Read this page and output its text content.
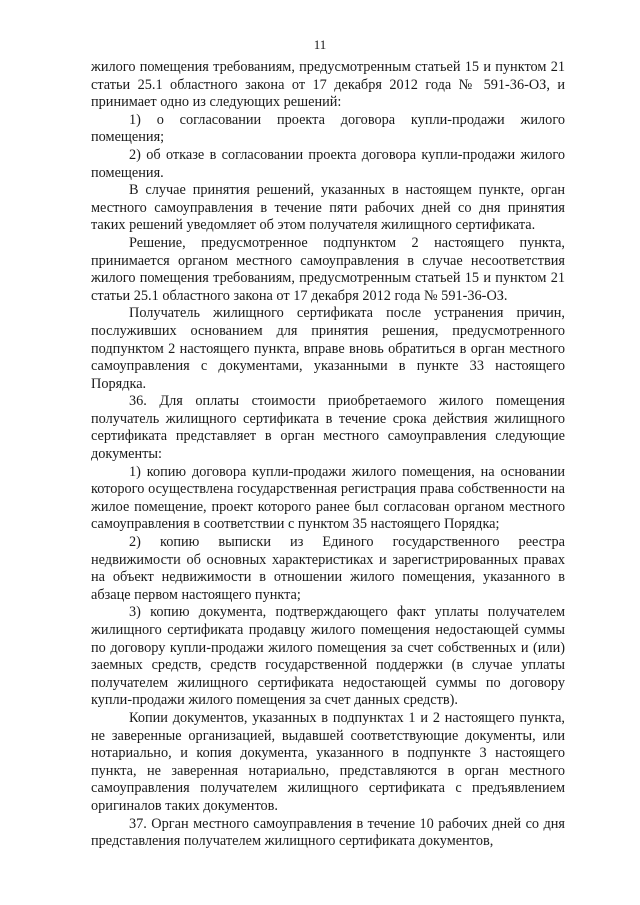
11

жилого помещения требованиям, предусмотренным статьей 15 и пунктом 21 статьи 25.1 областного закона от 17 декабря 2012 года № 591-36-ОЗ, и принимает одно из следующих решений:

1) о согласовании проекта договора купли-продажи жилого помещения;

2) об отказе в согласовании проекта договора купли-продажи жилого помещения.

В случае принятия решений, указанных в настоящем пункте, орган местного самоуправления в течение пяти рабочих дней со дня принятия таких решений уведомляет об этом получателя жилищного сертификата.

Решение, предусмотренное подпунктом 2 настоящего пункта, принимается органом местного самоуправления в случае несоответствия жилого помещения требованиям, предусмотренным статьей 15 и пунктом 21 статьи 25.1 областного закона от 17 декабря 2012 года № 591-36-ОЗ.

Получатель жилищного сертификата после устранения причин, послуживших основанием для принятия решения, предусмотренного подпунктом 2 настоящего пункта, вправе вновь обратиться в орган местного самоуправления с документами, указанными в пункте 33 настоящего Порядка.

36. Для оплаты стоимости приобретаемого жилого помещения получатель жилищного сертификата в течение срока действия жилищного сертификата представляет в орган местного самоуправления следующие документы:

1) копию договора купли-продажи жилого помещения, на основании которого осуществлена государственная регистрация права собственности на жилое помещение, проект которого ранее был согласован органом местного самоуправления в соответствии с пунктом 35 настоящего Порядка;

2) копию выписки из Единого государственного реестра недвижимости об основных характеристиках и зарегистрированных правах на объект недвижимости в отношении жилого помещения, указанного в абзаце первом настоящего пункта;

3) копию документа, подтверждающего факт уплаты получателем жилищного сертификата продавцу жилого помещения недостающей суммы по договору купли-продажи жилого помещения за счет собственных и (или) заемных средств, средств государственной поддержки (в случае уплаты получателем жилищного сертификата недостающей суммы по договору купли-продажи жилого помещения за счет данных средств).

Копии документов, указанных в подпунктах 1 и 2 настоящего пункта, не заверенные организацией, выдавшей соответствующие документы, или нотариально, и копия документа, указанного в подпункте 3 настоящего пункта, не заверенная нотариально, представляются в орган местного самоуправления получателем жилищного сертификата с предъявлением оригиналов таких документов.

37. Орган местного самоуправления в течение 10 рабочих дней со дня представления получателем жилищного сертификата документов,
